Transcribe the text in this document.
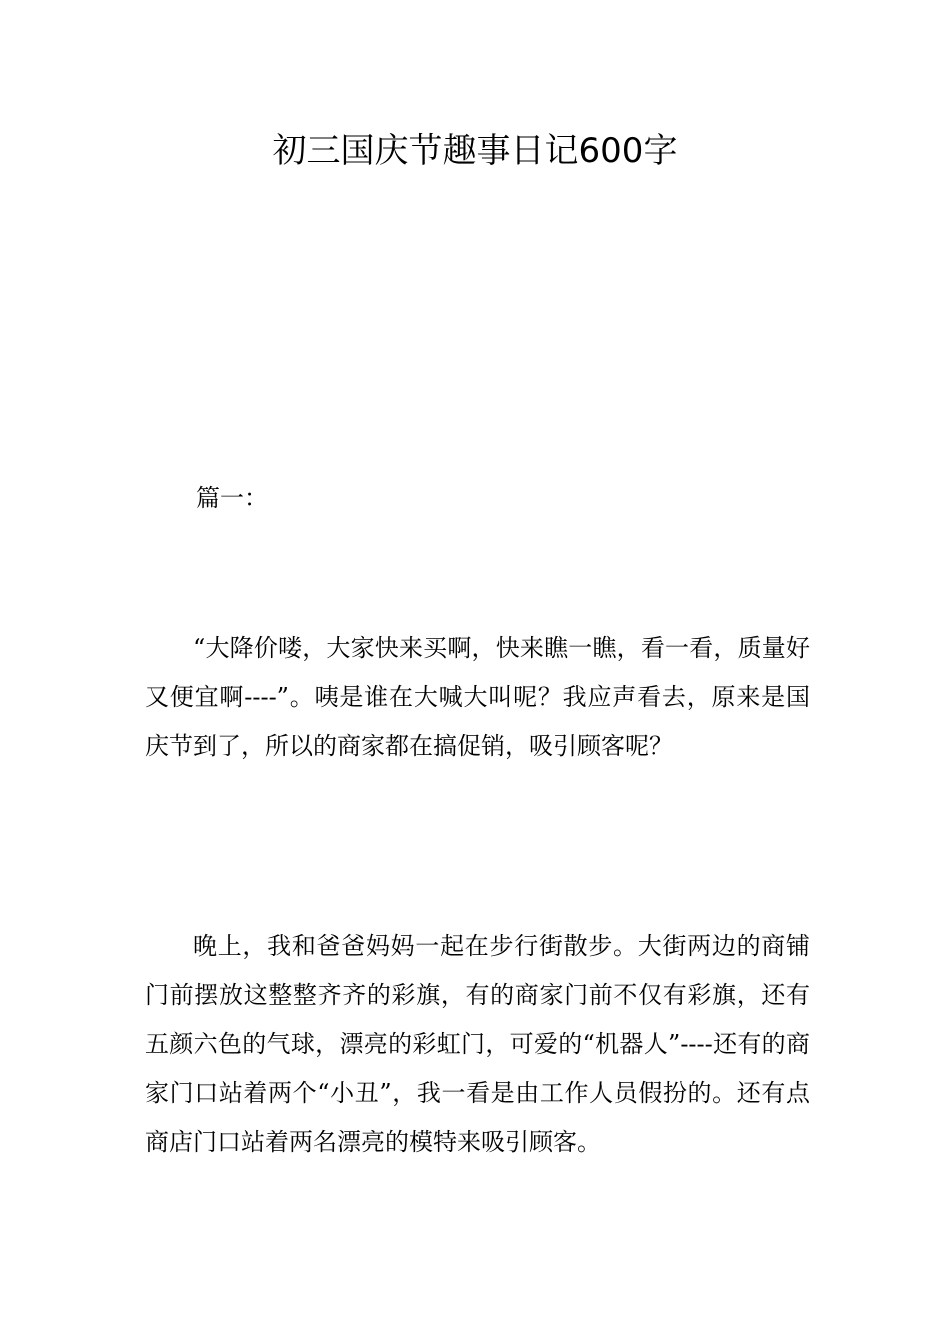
初三国庆节趣事日记600字

篇一：

“大降价喽，大家快来买啊，快来瞧一瞧，看一看，质量好又便宜啊----”。咦是谁在大喊大叫呢？我应声看去，原来是国庆节到了，所以的商家都在搞促销，吸引顾客呢？

晚上，我和爸爸妈妈一起在步行街散步。大街两边的商铺门前摆放这整整齐齐的彩旗，有的商家门前不仅有彩旗，还有五颜六色的气球，漂亮的彩虹门，可爱的“机器人”----还有的商家门口站着两个“小丑”，我一看是由工作人员假扮的。还有点商店门口站着两名漂亮的模特来吸引顾客。
